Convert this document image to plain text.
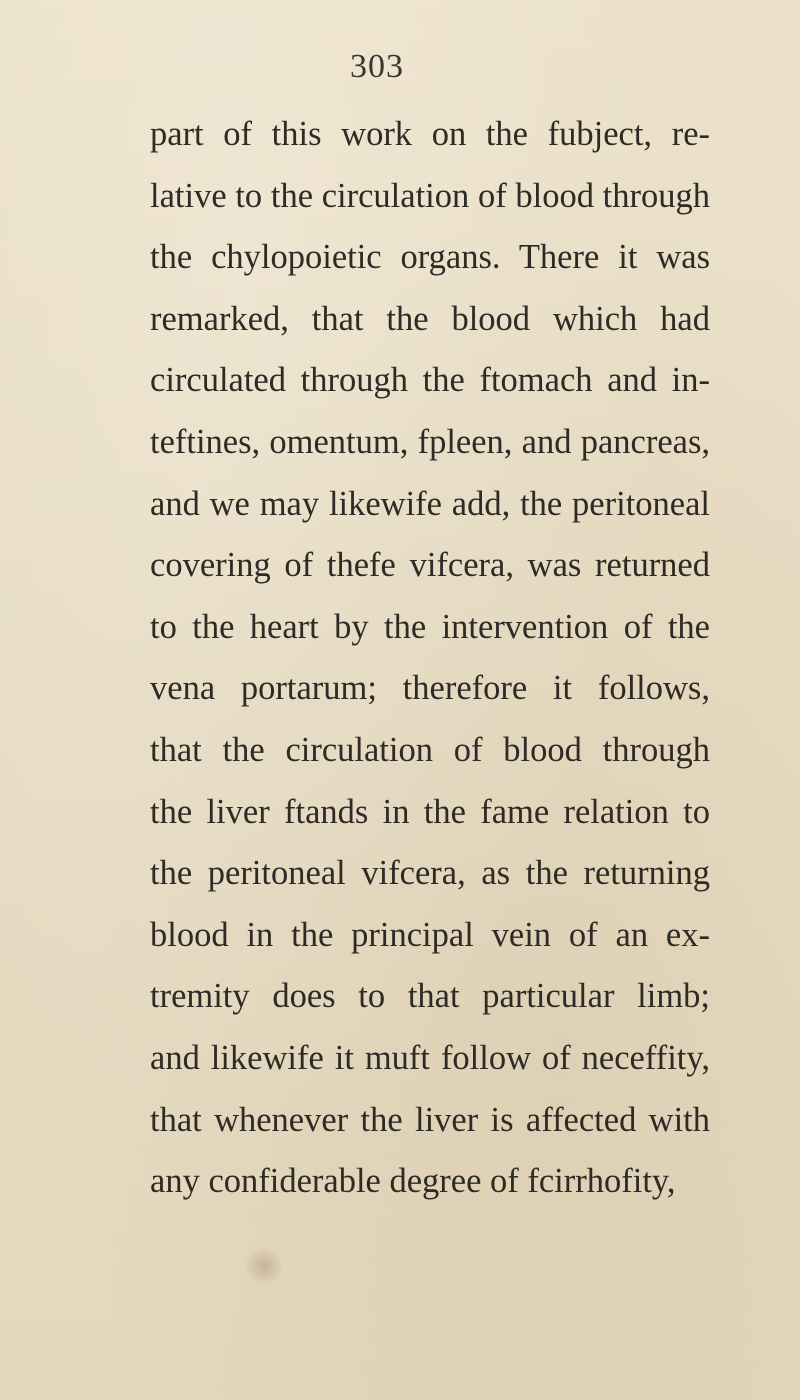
303
part of this work on the fubject, re-
lative to the circulation of blood through
the chylopoietic organs. There it was
remarked, that the blood which had
circulated through the ftomach and in-
teftines, omentum, fpleen, and pancreas,
and we may likewife add, the peritoneal
covering of thefe vifcera, was returned
to the heart by the intervention of the
vena portarum; therefore it follows,
that the circulation of blood through
the liver ftands in the fame relation to
the peritoneal vifcera, as the returning
blood in the principal vein of an ex-
tremity does to that particular limb;
and likewife it muft follow of neceffity,
that whenever the liver is affected with
any confiderable degree of fcirrhofity,
